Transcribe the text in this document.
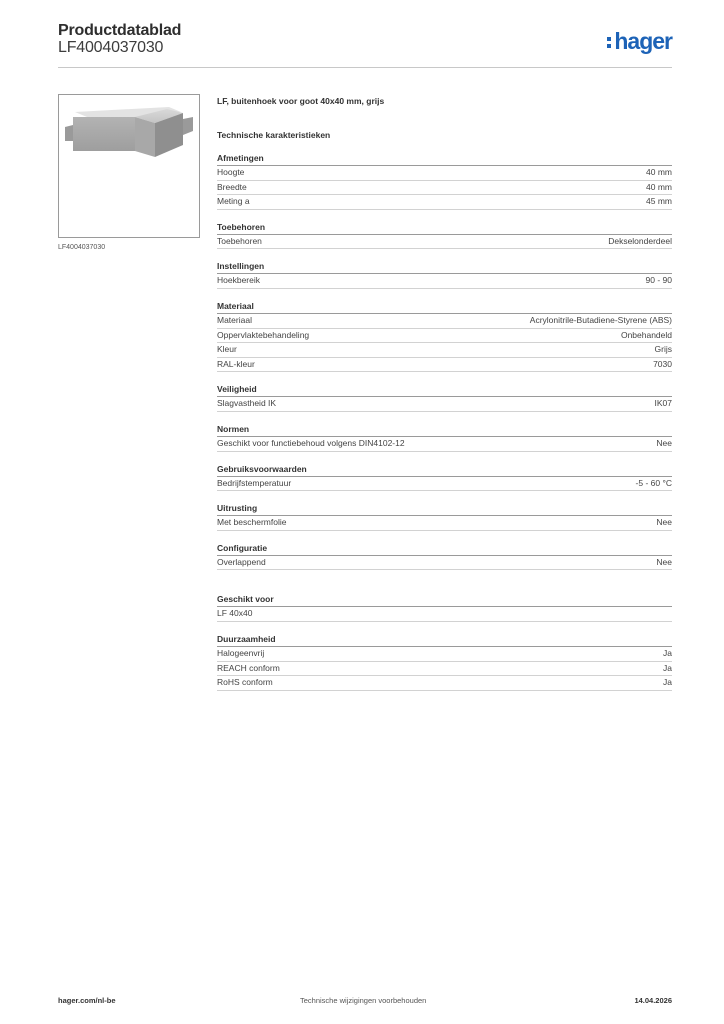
Productdatablad
LF4004037030	hager
LF4004037030
LF, buitenhoek voor goot 40x40 mm, grijs
Technische karakteristieken
Afmetingen
Hoogte	40 mm
Breedte	40 mm
Meting a	45 mm
Toebehoren
Toebehoren	Dekselonderdeel
Instellingen
Hoekbereik	90 - 90
Materiaal
Materiaal	Acrylonitrile-Butadiene-Styrene (ABS)
Oppervlaktebehandeling	Onbehandeld
Kleur	Grijs
RAL-kleur	7030
Veiligheid
Slagvastheid IK	IK07
Normen
Geschikt voor functiebehoud volgens DIN4102-12	Nee
Gebruiksvoorwaarden
Bedrijfstemperatuur	-5 - 60 °C
Uitrusting
Met beschermfolie	Nee
Configuratie
Overlappend	Nee
Geschikt voor
LF 40x40
Duurzaamheid
Halogeenvrij	Ja
REACH conform	Ja
RoHS conform	Ja
hager.com/nl-be	Technische wijzigingen voorbehouden	14.04.2026
